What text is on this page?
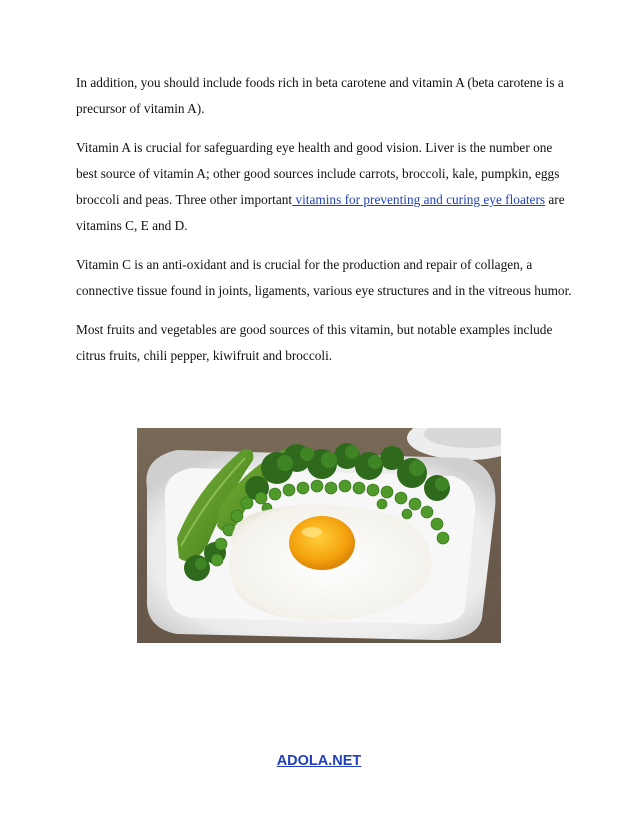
In addition, you should include foods rich in beta carotene and vitamin A (beta carotene is a precursor of vitamin A).

Vitamin A is crucial for safeguarding eye health and good vision. Liver is the number one best source of vitamin A; other good sources include carrots, broccoli, kale, pumpkin, eggs broccoli and peas. Three other important vitamins for preventing and curing eye floaters are vitamins C, E and D.

Vitamin C is an anti-oxidant and is crucial for the production and repair of collagen, a connective tissue found in joints, ligaments, various eye structures and in the vitreous humor.

Most fruits and vegetables are good sources of this vitamin, but notable examples include citrus fruits, chili pepper, kiwifruit and broccoli.

ADOLA.NET
